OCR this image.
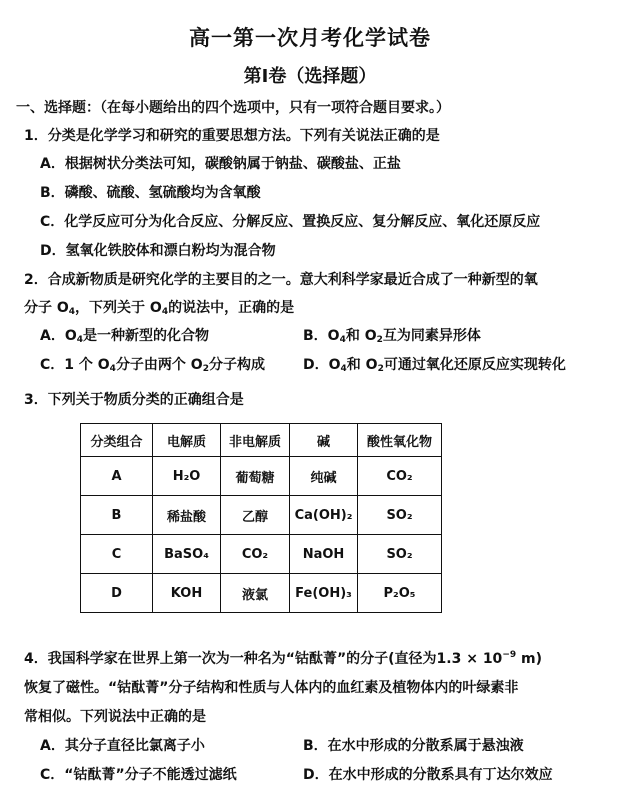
高一第一次月考化学试卷
第Ⅰ卷（选择题）
一、选择题：（在每小题给出的四个选项中，只有一项符合题目要求。）
1．分类是化学学习和研究的重要思想方法。下列有关说法正确的是
A．根据树状分类法可知，碳酸钠属于钠盐、碳酸盐、正盐
B．磷酸、硫酸、氢硫酸均为含氧酸
C．化学反应可分为化合反应、分解反应、置换反应、复分解反应、氧化还原反应
D．氢氧化铁胶体和漂白粉均为混合物
2．合成新物质是研究化学的主要目的之一。意大利科学家最近合成了一种新型的氧
分子 $O_4$，下列关于 $O_4$的说法中，正确的是
A．$O_4$是一种新型的化合物	B．$O_4$和 $O_2$互为同素异形体
C．1 个 $O_4$分子由两个 $O_2$分子构成	D．$O_4$和 $O_2$可通过氧化还原反应实现转化
3．下列关于物质分类的正确组合是
分类组合	电解质	非电解质	碱	酸性氧化物
A	H₂O	葡萄糖	纯碱	CO₂
B	稀盐酸	乙醇	Ca(OH)₂	SO₂
C	BaSO₄	CO₂	NaOH	SO₂
D	KOH	液氯	Fe(OH)₃	P₂O₅
4．我国科学家在世界上第一次为一种名为“钴酞菁”的分子(直径为$1.3 \times 10^{-9}$ m)
恢复了磁性。“钴酞菁”分子结构和性质与人体内的血红素及植物体内的叶绿素非
常相似。下列说法中正确的是
A．其分子直径比氯离子小	B．在水中形成的分散系属于悬浊液
C．“钴酞菁”分子不能透过滤纸	D．在水中形成的分散系具有丁达尔效应
